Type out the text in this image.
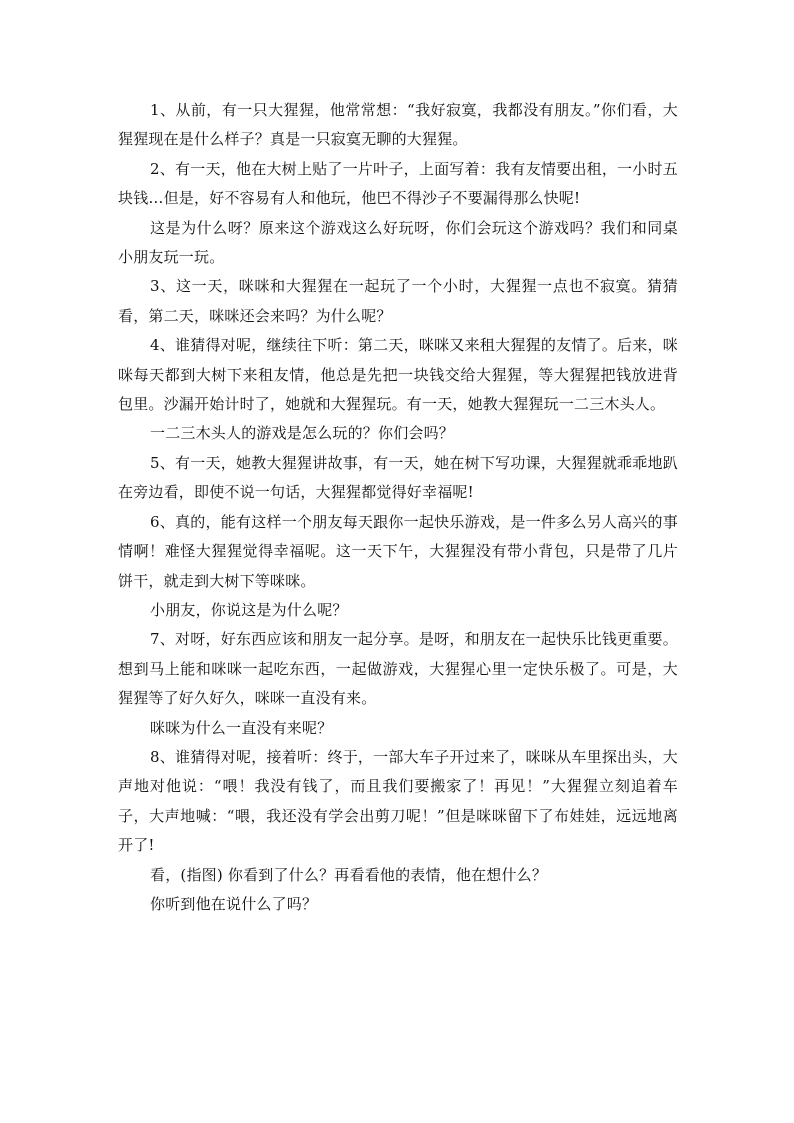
1、从前，有一只大猩猩，他常常想：“我好寂寞，我都没有朋友。”你们看，大猩猩现在是什么样子？真是一只寂寞无聊的大猩猩。

2、有一天，他在大树上贴了一片叶子，上面写着：我有友情要出租，一小时五块钱…但是，好不容易有人和他玩，他巴不得沙子不要漏得那么快呢!

这是为什么呀？原来这个游戏这么好玩呀，你们会玩这个游戏吗？我们和同桌小朋友玩一玩。

3、这一天，咪咪和大猩猩在一起玩了一个小时，大猩猩一点也不寂寞。猜猜看，第二天，咪咪还会来吗？为什么呢？

4、谁猜得对呢，继续往下听：第二天，咪咪又来租大猩猩的友情了。后来，咪咪每天都到大树下来租友情，他总是先把一块钱交给大猩猩，等大猩猩把钱放进背包里。沙漏开始计时了，她就和大猩猩玩。有一天，她教大猩猩玩一二三木头人。

一二三木头人的游戏是怎么玩的？你们会吗？

5、有一天，她教大猩猩讲故事，有一天，她在树下写功课，大猩猩就乖乖地趴在旁边看，即使不说一句话，大猩猩都觉得好幸福呢!

6、真的，能有这样一个朋友每天跟你一起快乐游戏，是一件多么另人高兴的事情啊！难怪大猩猩觉得幸福呢。这一天下午，大猩猩没有带小背包，只是带了几片饼干，就走到大树下等咪咪。

小朋友，你说这是为什么呢？

7、对呀，好东西应该和朋友一起分享。是呀，和朋友在一起快乐比钱更重要。想到马上能和咪咪一起吃东西，一起做游戏，大猩猩心里一定快乐极了。可是，大猩猩等了好久好久，咪咪一直没有来。

咪咪为什么一直没有来呢？

8、谁猜得对呢，接着听：终于，一部大车子开过来了，咪咪从车里探出头，大声地对他说：“喂！我没有钱了，而且我们要搬家了！再见！”大猩猩立刻追着车子，大声地喊：“喂，我还没有学会出剪刀呢！”但是咪咪留下了布娃娃，远远地离开了!

看，(指图) 你看到了什么？再看看他的表情，他在想什么？

你听到他在说什么了吗？
